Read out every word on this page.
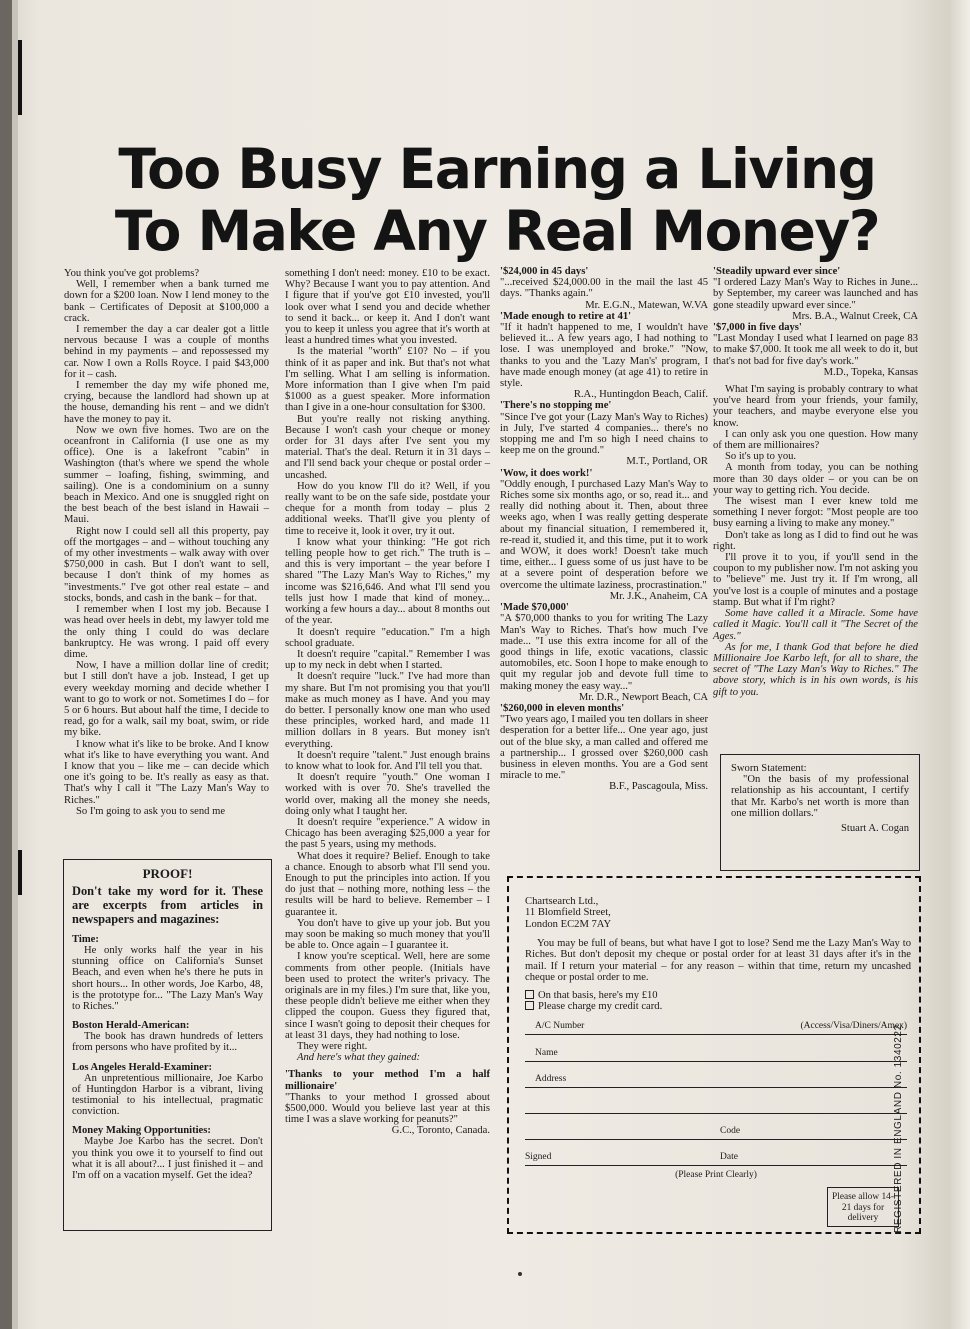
Too Busy Earning a Living
To Make Any Real Money?

You think you've got problems?

Well, I remember when a bank turned me down for a $200 loan. Now I lend money to the bank – Certificates of Deposit at $100,000 a crack.

I remember the day a car dealer got a little nervous because I was a couple of months behind in my payments – and repossessed my car. Now I own a Rolls Royce. I paid $43,000 for it – cash.

I remember the day my wife phoned me, crying, because the landlord had shown up at the house, demanding his rent – and we didn't have the money to pay it.

Now we own five homes. Two are on the oceanfront in California (I use one as my office). One is a lakefront "cabin" in Washington (that's where we spend the whole summer – loafing, fishing, swimming, and sailing). One is a condominium on a sunny beach in Mexico. And one is snuggled right on the best beach of the best island in Hawaii – Maui.

Right now I could sell all this property, pay off the mortgages – and – without touching any of my other investments – walk away with over $750,000 in cash. But I don't want to sell, because I don't think of my homes as "investments." I've got other real estate – and stocks, bonds, and cash in the bank – for that.

I remember when I lost my job. Because I was head over heels in debt, my lawyer told me the only thing I could do was declare bankruptcy. He was wrong. I paid off every dime.

Now, I have a million dollar line of credit; but I still don't have a job. Instead, I get up every weekday morning and decide whether I want to go to work or not. Sometimes I do – for 5 or 6 hours. But about half the time, I decide to read, go for a walk, sail my boat, swim, or ride my bike.

I know what it's like to be broke. And I know what it's like to have everything you want. And I know that you – like me – can decide which one it's going to be. It's really as easy as that. That's why I call it "The Lazy Man's Way to Riches."

So I'm going to ask you to send me

PROOF!
Don't take my word for it. These are excerpts from articles in newspapers and magazines:
Time:

He only works half the year in his stunning office on California's Sunset Beach, and even when he's there he puts in short hours... In other words, Joe Karbo, 48, is the prototype for... "The Lazy Man's Way to Riches."

Boston Herald-American:

The book has drawn hundreds of letters from persons who have profited by it...

Los Angeles Herald-Examiner:

An unpretentious millionaire, Joe Karbo of Huntingdon Harbor is a vibrant, living testimonial to his intellectual, pragmatic conviction.

Money Making Opportunities:

Maybe Joe Karbo has the secret. Don't you think you owe it to yourself to find out what it is all about?... I just finished it – and I'm off on a vacation myself. Get the idea?

something I don't need: money. £10 to be exact. Why? Because I want you to pay attention. And I figure that if you've got £10 invested, you'll look over what I send you and decide whether to send it back... or keep it. And I don't want you to keep it unless you agree that it's worth at least a hundred times what you invested.

Is the material "worth" £10? No – if you think of it as paper and ink. But that's not what I'm selling. What I am selling is information. More information than I give when I'm paid $1000 as a guest speaker. More information than I give in a one-hour consultation for $300.

But you're really not risking anything. Because I won't cash your cheque or money order for 31 days after I've sent you my material. That's the deal. Return it in 31 days – and I'll send back your cheque or postal order – uncashed.

How do you know I'll do it? Well, if you really want to be on the safe side, postdate your cheque for a month from today – plus 2 additional weeks. That'll give you plenty of time to receive it, look it over, try it out.

I know what your thinking: "He got rich telling people how to get rich." The truth is – and this is very important – the year before I shared "The Lazy Man's Way to Riches," my income was $216,646. And what I'll send you tells just how I made that kind of money... working a few hours a day... about 8 months out of the year.

It doesn't require "education." I'm a high school graduate.

It doesn't require "capital." Remember I was up to my neck in debt when I started.

It doesn't require "luck." I've had more than my share. But I'm not promising you that you'll make as much money as I have. And you may do better. I personally know one man who used these principles, worked hard, and made 11 million dollars in 8 years. But money isn't everything.

It doesn't require "talent." Just enough brains to know what to look for. And I'll tell you that.

It doesn't require "youth." One woman I worked with is over 70. She's travelled the world over, making all the money she needs, doing only what I taught her.

It doesn't require "experience." A widow in Chicago has been averaging $25,000 a year for the past 5 years, using my methods.

What does it require? Belief. Enough to take a chance. Enough to absorb what I'll send you. Enough to put the principles into action. If you do just that – nothing more, nothing less – the results will be hard to believe. Remember – I guarantee it.

You don't have to give up your job. But you may soon be making so much money that you'll be able to. Once again – I guarantee it.

I know you're sceptical. Well, here are some comments from other people. (Initials have been used to protect the writer's privacy. The originals are in my files.) I'm sure that, like you, these people didn't believe me either when they clipped the coupon. Guess they figured that, since I wasn't going to deposit their cheques for at least 31 days, they had nothing to lose.

They were right.

And here's what they gained:

'Thanks to your method I'm a half millionaire'

"Thanks to your method I grossed about $500,000. Would you believe last year at this time I was a slave working for peanuts?"

G.C., Toronto, Canada.

'$24,000 in 45 days'

"...received $24,000.00 in the mail the last 45 days. "Thanks again."

Mr. E.G.N., Matewan, W.VA

'Made enough to retire at 41'

"If it hadn't happened to me, I wouldn't have believed it... A few years ago, I had nothing to lose. I was unemployed and broke." "Now, thanks to you and the 'Lazy Man's' program, I have made enough money (at age 41) to retire in style.

R.A., Huntingdon Beach, Calif.

'There's no stopping me'

"Since I've got your (Lazy Man's Way to Riches) in July, I've started 4 companies... there's no stopping me and I'm so high I need chains to keep me on the ground."

M.T., Portland, OR

'Wow, it does work!'

"Oddly enough, I purchased Lazy Man's Way to Riches some six months ago, or so, read it... and really did nothing about it. Then, about three weeks ago, when I was really getting desperate about my financial situation, I remembered it, re-read it, studied it, and this time, put it to work and WOW, it does work! Doesn't take much time, either... I guess some of us just have to be at a severe point of desperation before we overcome the ultimate laziness, procrastination."

Mr. J.K., Anaheim, CA

'Made $70,000'

"A $70,000 thanks to you for writing The Lazy Man's Way to Riches. That's how much I've made... "I use this extra income for all of the good things in life, exotic vacations, classic automobiles, etc. Soon I hope to make enough to quit my regular job and devote full time to making money the easy way..."

Mr. D.R., Newport Beach, CA

'$260,000 in eleven months'

"Two years ago, I mailed you ten dollars in sheer desperation for a better life... One year ago, just out of the blue sky, a man called and offered me a partnership... I grossed over $260,000 cash business in eleven months. You are a God sent miracle to me."

B.F., Pascagoula, Miss.

'Steadily upward ever since'

"I ordered Lazy Man's Way to Riches in June... by September, my career was launched and has gone steadily upward ever since."

Mrs. B.A., Walnut Creek, CA

'$7,000 in five days'

"Last Monday I used what I learned on page 83 to make $7,000. It took me all week to do it, but that's not bad for five day's work."

M.D., Topeka, Kansas

What I'm saying is probably contrary to what you've heard from your friends, your family, your teachers, and maybe everyone else you know.

I can only ask you one question. How many of them are millionaires?

So it's up to you.

A month from today, you can be nothing more than 30 days older – or you can be on your way to getting rich. You decide.

The wisest man I ever knew told me something I never forgot: "Most people are too busy earning a living to make any money."

Don't take as long as I did to find out he was right.

I'll prove it to you, if you'll send in the coupon to my publisher now. I'm not asking you to "believe" me. Just try it. If I'm wrong, all you've lost is a couple of minutes and a postage stamp. But what if I'm right?

Some have called it a Miracle. Some have called it Magic. You'll call it "The Secret of the Ages."

As for me, I thank God that before he died Millionaire Joe Karbo left, for all to share, the secret of "The Lazy Man's Way to Riches." The above story, which is in his own words, is his gift to you.

Sworn Statement:

"On the basis of my professional relationship as his accountant, I certify that Mr. Karbo's net worth is more than one million dollars."

Stuart A. Cogan

Chartsearch Ltd.,
11 Blomfield Street,
London EC2M 7AY

You may be full of beans, but what have I got to lose? Send me the Lazy Man's Way to Riches. But don't deposit my cheque or postal order for at least 31 days after it's in the mail. If I return your material – for any reason – within that time, return my uncashed cheque or postal order to me.

On that basis, here's my £10
Please charge my credit card.
A/C Number	(Access/Visa/Diners/Amex)
Name
Address
Code
Signed	Date
(Please Print Clearly)
Please allow 14-21 days for delivery	REGISTERED IN ENGLAND No. 1340222
